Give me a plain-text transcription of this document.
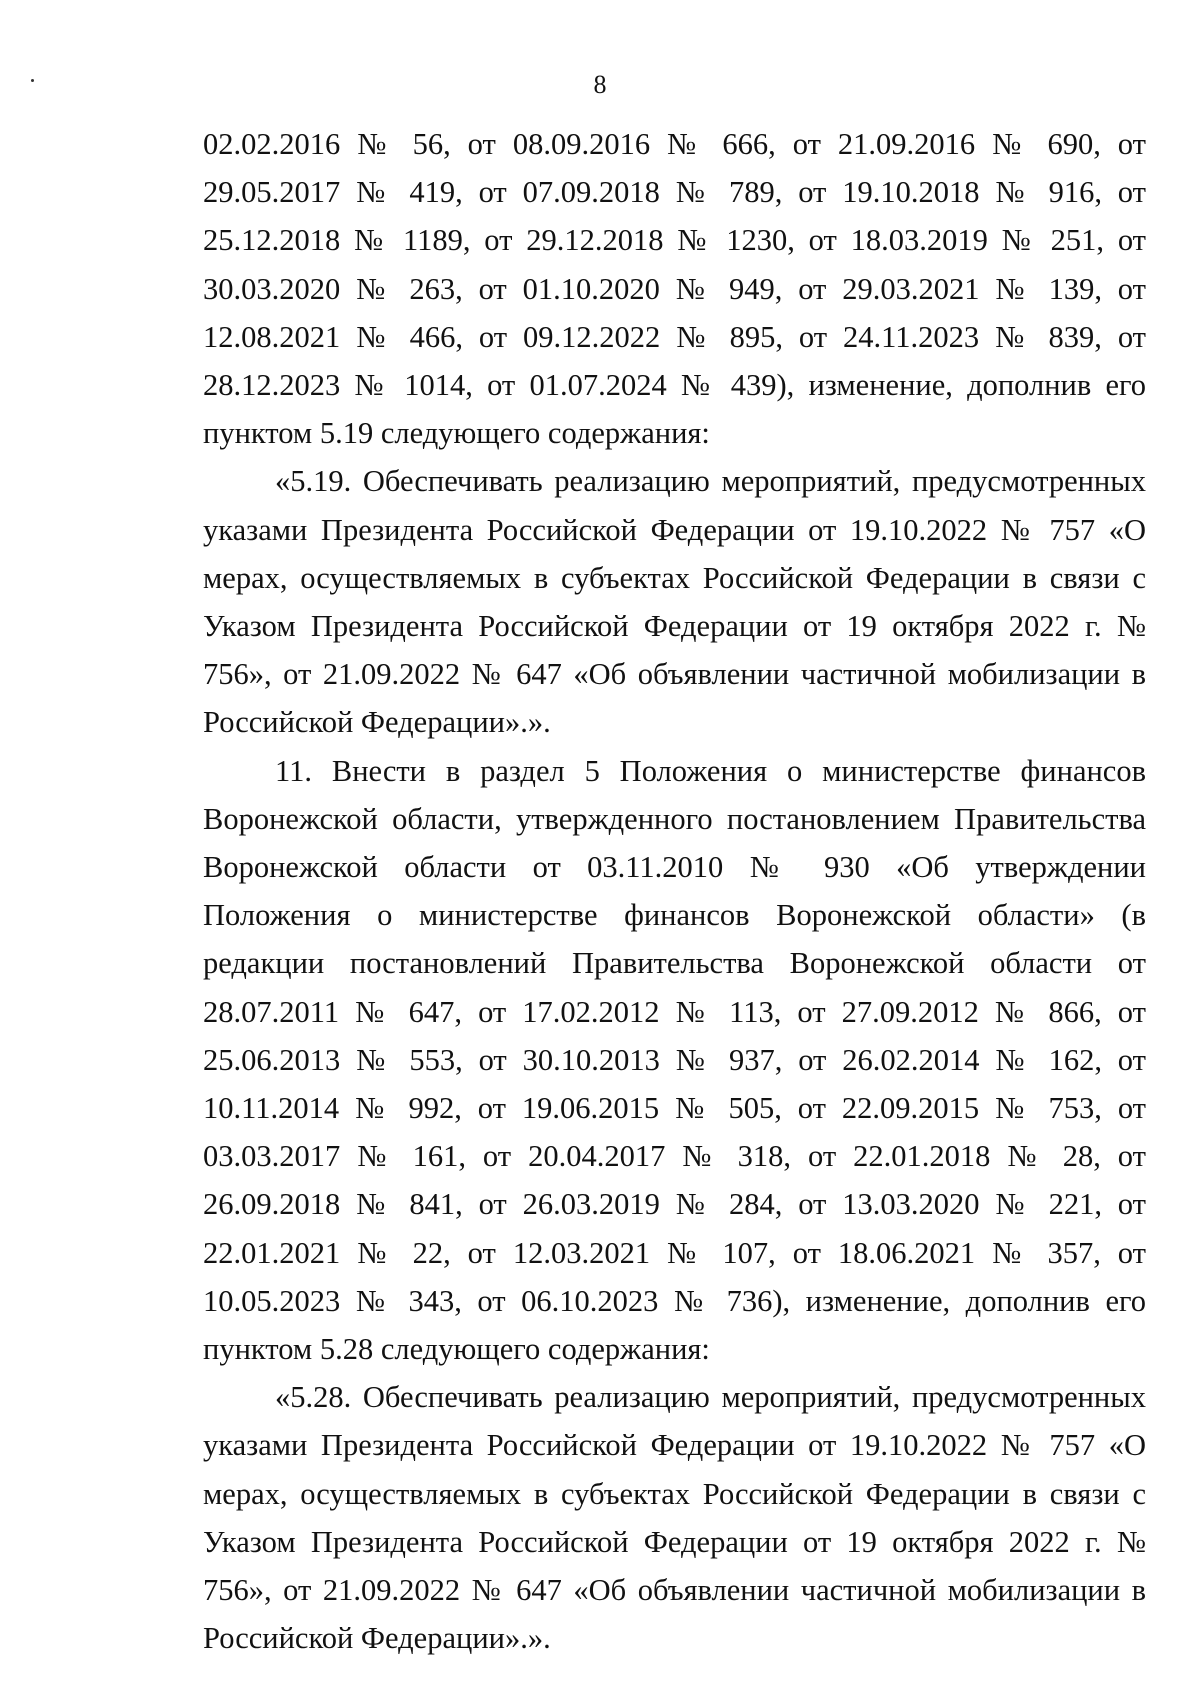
8

02.02.2016 № 56, от 08.09.2016 № 666, от 21.09.2016 № 690, от 29.05.2017 № 419, от 07.09.2018 № 789, от 19.10.2018 № 916, от 25.12.2018 № 1189, от 29.12.2018 № 1230, от 18.03.2019 № 251, от 30.03.2020 № 263, от 01.10.2020 № 949, от 29.03.2021 № 139, от 12.08.2021 № 466, от 09.12.2022 № 895, от 24.11.2023 № 839, от 28.12.2023 № 1014, от 01.07.2024 № 439), изменение, дополнив его пунктом 5.19 следующего содержания:

«5.19. Обеспечивать реализацию мероприятий, предусмотренных указами Президента Российской Федерации от 19.10.2022 № 757 «О мерах, осуществляемых в субъектах Российской Федерации в связи с Указом Президента Российской Федерации от 19 октября 2022 г. № 756», от 21.09.2022 № 647 «Об объявлении частичной мобилизации в Российской Федерации».».

11. Внести в раздел 5 Положения о министерстве финансов Воронежской области, утвержденного постановлением Правительства Воронежской области от 03.11.2010 № 930 «Об утверждении Положения о министерстве финансов Воронежской области» (в редакции постановлений Правительства Воронежской области от 28.07.2011 № 647, от 17.02.2012 № 113, от 27.09.2012 № 866, от 25.06.2013 № 553, от 30.10.2013 № 937, от 26.02.2014 № 162, от 10.11.2014 № 992, от 19.06.2015 № 505, от 22.09.2015 № 753, от 03.03.2017 № 161, от 20.04.2017 № 318, от 22.01.2018 № 28, от 26.09.2018 № 841, от 26.03.2019 № 284, от 13.03.2020 № 221, от 22.01.2021 № 22, от 12.03.2021 № 107, от 18.06.2021 № 357, от 10.05.2023 № 343, от 06.10.2023 № 736), изменение, дополнив его пунктом 5.28 следующего содержания:

«5.28. Обеспечивать реализацию мероприятий, предусмотренных указами Президента Российской Федерации от 19.10.2022 № 757 «О мерах, осуществляемых в субъектах Российской Федерации в связи с Указом Президента Российской Федерации от 19 октября 2022 г. № 756», от 21.09.2022 № 647 «Об объявлении частичной мобилизации в Российской Федерации».».
